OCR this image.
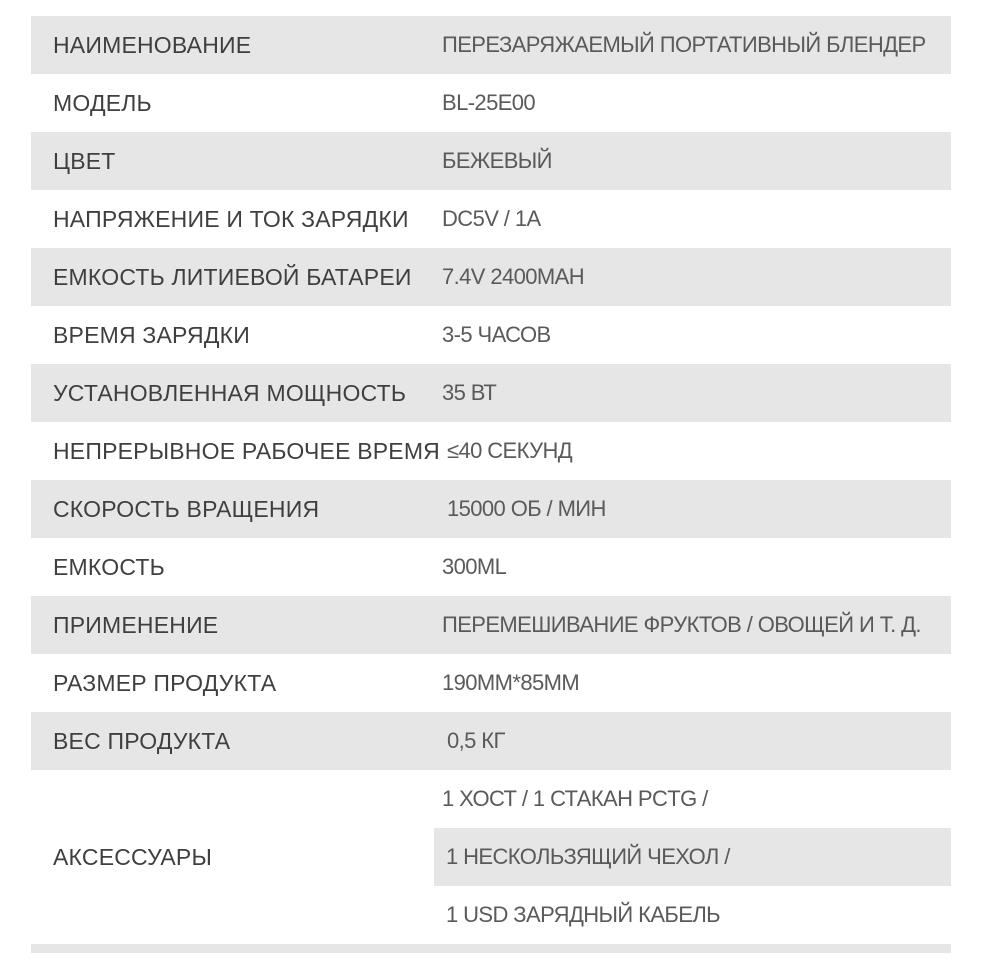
НАИМЕНОВАНИЕ	ПЕРЕЗАРЯЖАЕМЫЙ ПОРТАТИВНЫЙ БЛЕНДЕР
МОДЕЛЬ	BL-25E00
ЦВЕТ	БЕЖЕВЫЙ
НАПРЯЖЕНИЕ И ТОК ЗАРЯДКИ DC5V / 1A
ЕМКОСТЬ ЛИТИЕВОЙ БАТАРЕИ 7.4V 2400MAH
ВРЕМЯ ЗАРЯДКИ	3-5 ЧАСОВ
УСТАНОВЛЕННАЯ МОЩНОСТЬ 35 ВТ
НЕПРЕРЫВНОЕ РАБОЧЕЕ ВРЕМЯ ≤40 СЕКУНД
СКОРОСТЬ ВРАЩЕНИЯ	15000 ОБ / МИН
ЕМКОСТЬ	300ML
ПРИМЕНЕНИЕ	ПЕРЕМЕШИВАНИЕ ФРУКТОВ / ОВОЩЕЙ И Т. Д.
РАЗМЕР ПРОДУКТА	190MM*85MM
ВЕС ПРОДУКТА	0,5 КГ
АКСЕССУАРЫ
1 ХОСТ / 1 СТАКАН PCTG /
1 НЕСКОЛЬЗЯЩИЙ ЧЕХОЛ /
1 USD ЗАРЯДНЫЙ КАБЕЛЬ
